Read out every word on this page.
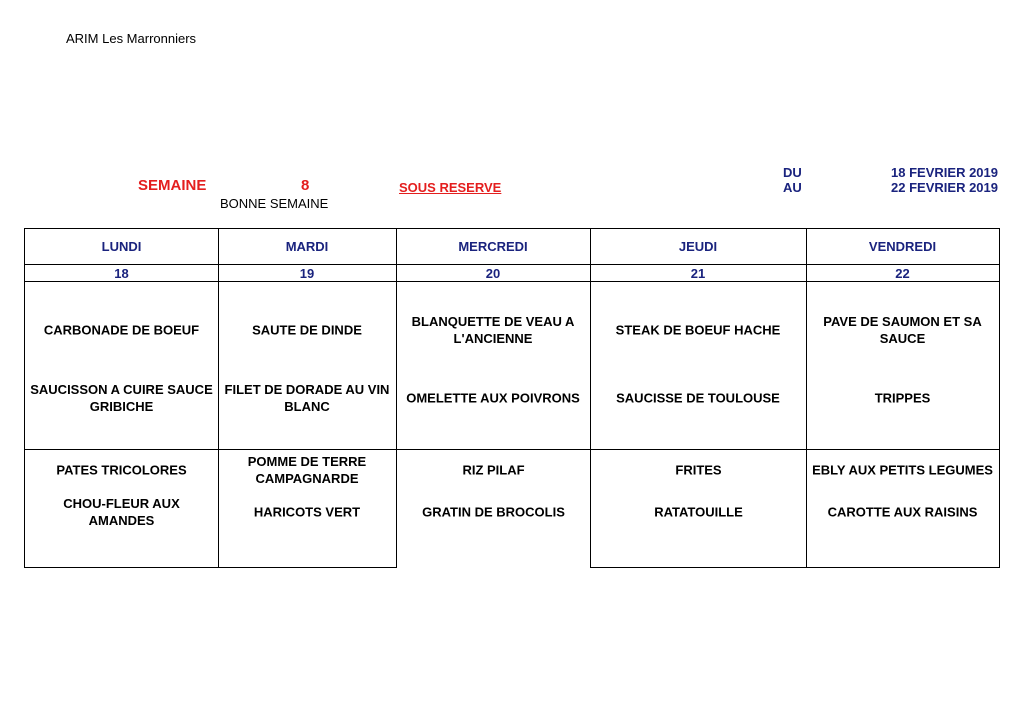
ARIM Les Marronniers
SEMAINE	8	SOUS RESERVE
BONNE SEMAINE
DU
AU
18 FEVRIER 2019
22 FEVRIER 2019
LUNDI
18
CARBONADE DE BOEUF
SAUCISSON A CUIRE SAUCE GRIBICHE
PATES TRICOLORES
CHOU-FLEUR AUX AMANDES
MARDI
19
SAUTE DE DINDE
FILET DE DORADE AU VIN BLANC
POMME DE TERRE CAMPAGNARDE
HARICOTS VERT
MERCREDI
20
BLANQUETTE DE VEAU A L'ANCIENNE
OMELETTE AUX POIVRONS
RIZ PILAF
GRATIN DE BROCOLIS
JEUDI
21
STEAK DE BOEUF HACHE
SAUCISSE DE TOULOUSE
FRITES
RATATOUILLE
VENDREDI
22
PAVE DE SAUMON ET SA SAUCE
TRIPPES
EBLY AUX PETITS LEGUMES
CAROTTE AUX RAISINS
